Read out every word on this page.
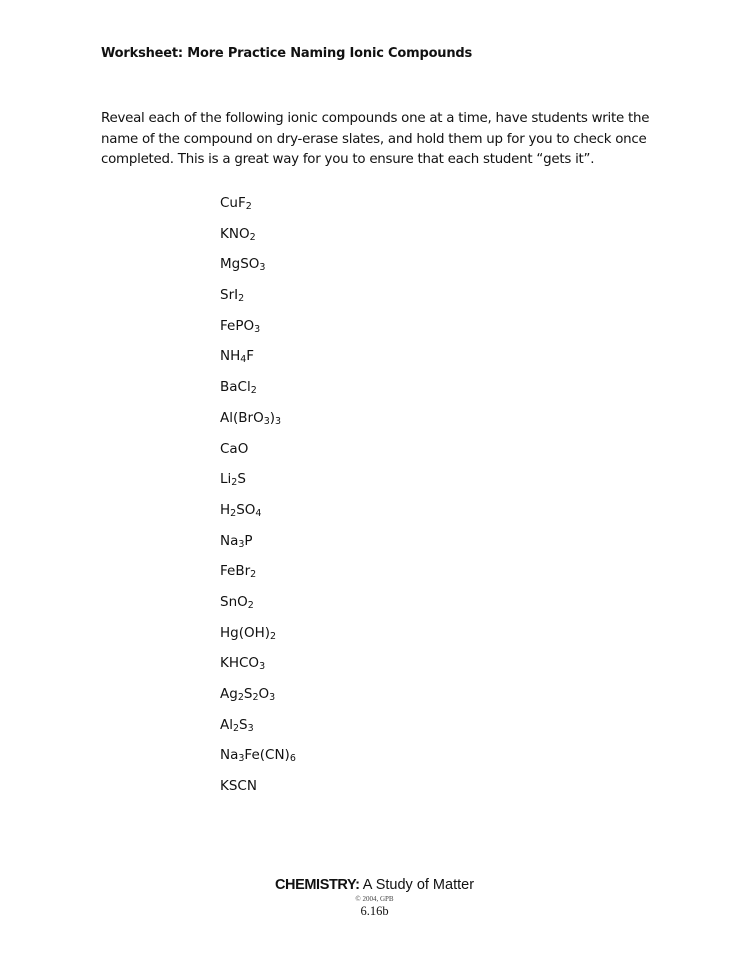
Worksheet: More Practice Naming Ionic Compounds
Reveal each of the following ionic compounds one at a time, have students write the name of the compound on dry-erase slates, and hold them up for you to check once completed. This is a great way for you to ensure that each student “gets it”.
CuF$_2$
$KNO_2$
MgSO$_3$
SrI$_2$
FePO$_3$
$NH_4F$
BaCl$_2$
$Al(BrO_3)_3$
CaO
$Li_2S$
$H_2SO_4$
$Na_3P$
FeBr$_2$
SnO$_2$
$Hg(OH)_2$
$KHCO_3$
$Ag_2S_2O_3$
$Al_2S_3$
$Na_3Fe(CN)_6$
KSCN
CHEMISTRY: A Study of Matter
© 2004, GPB
6.16b
